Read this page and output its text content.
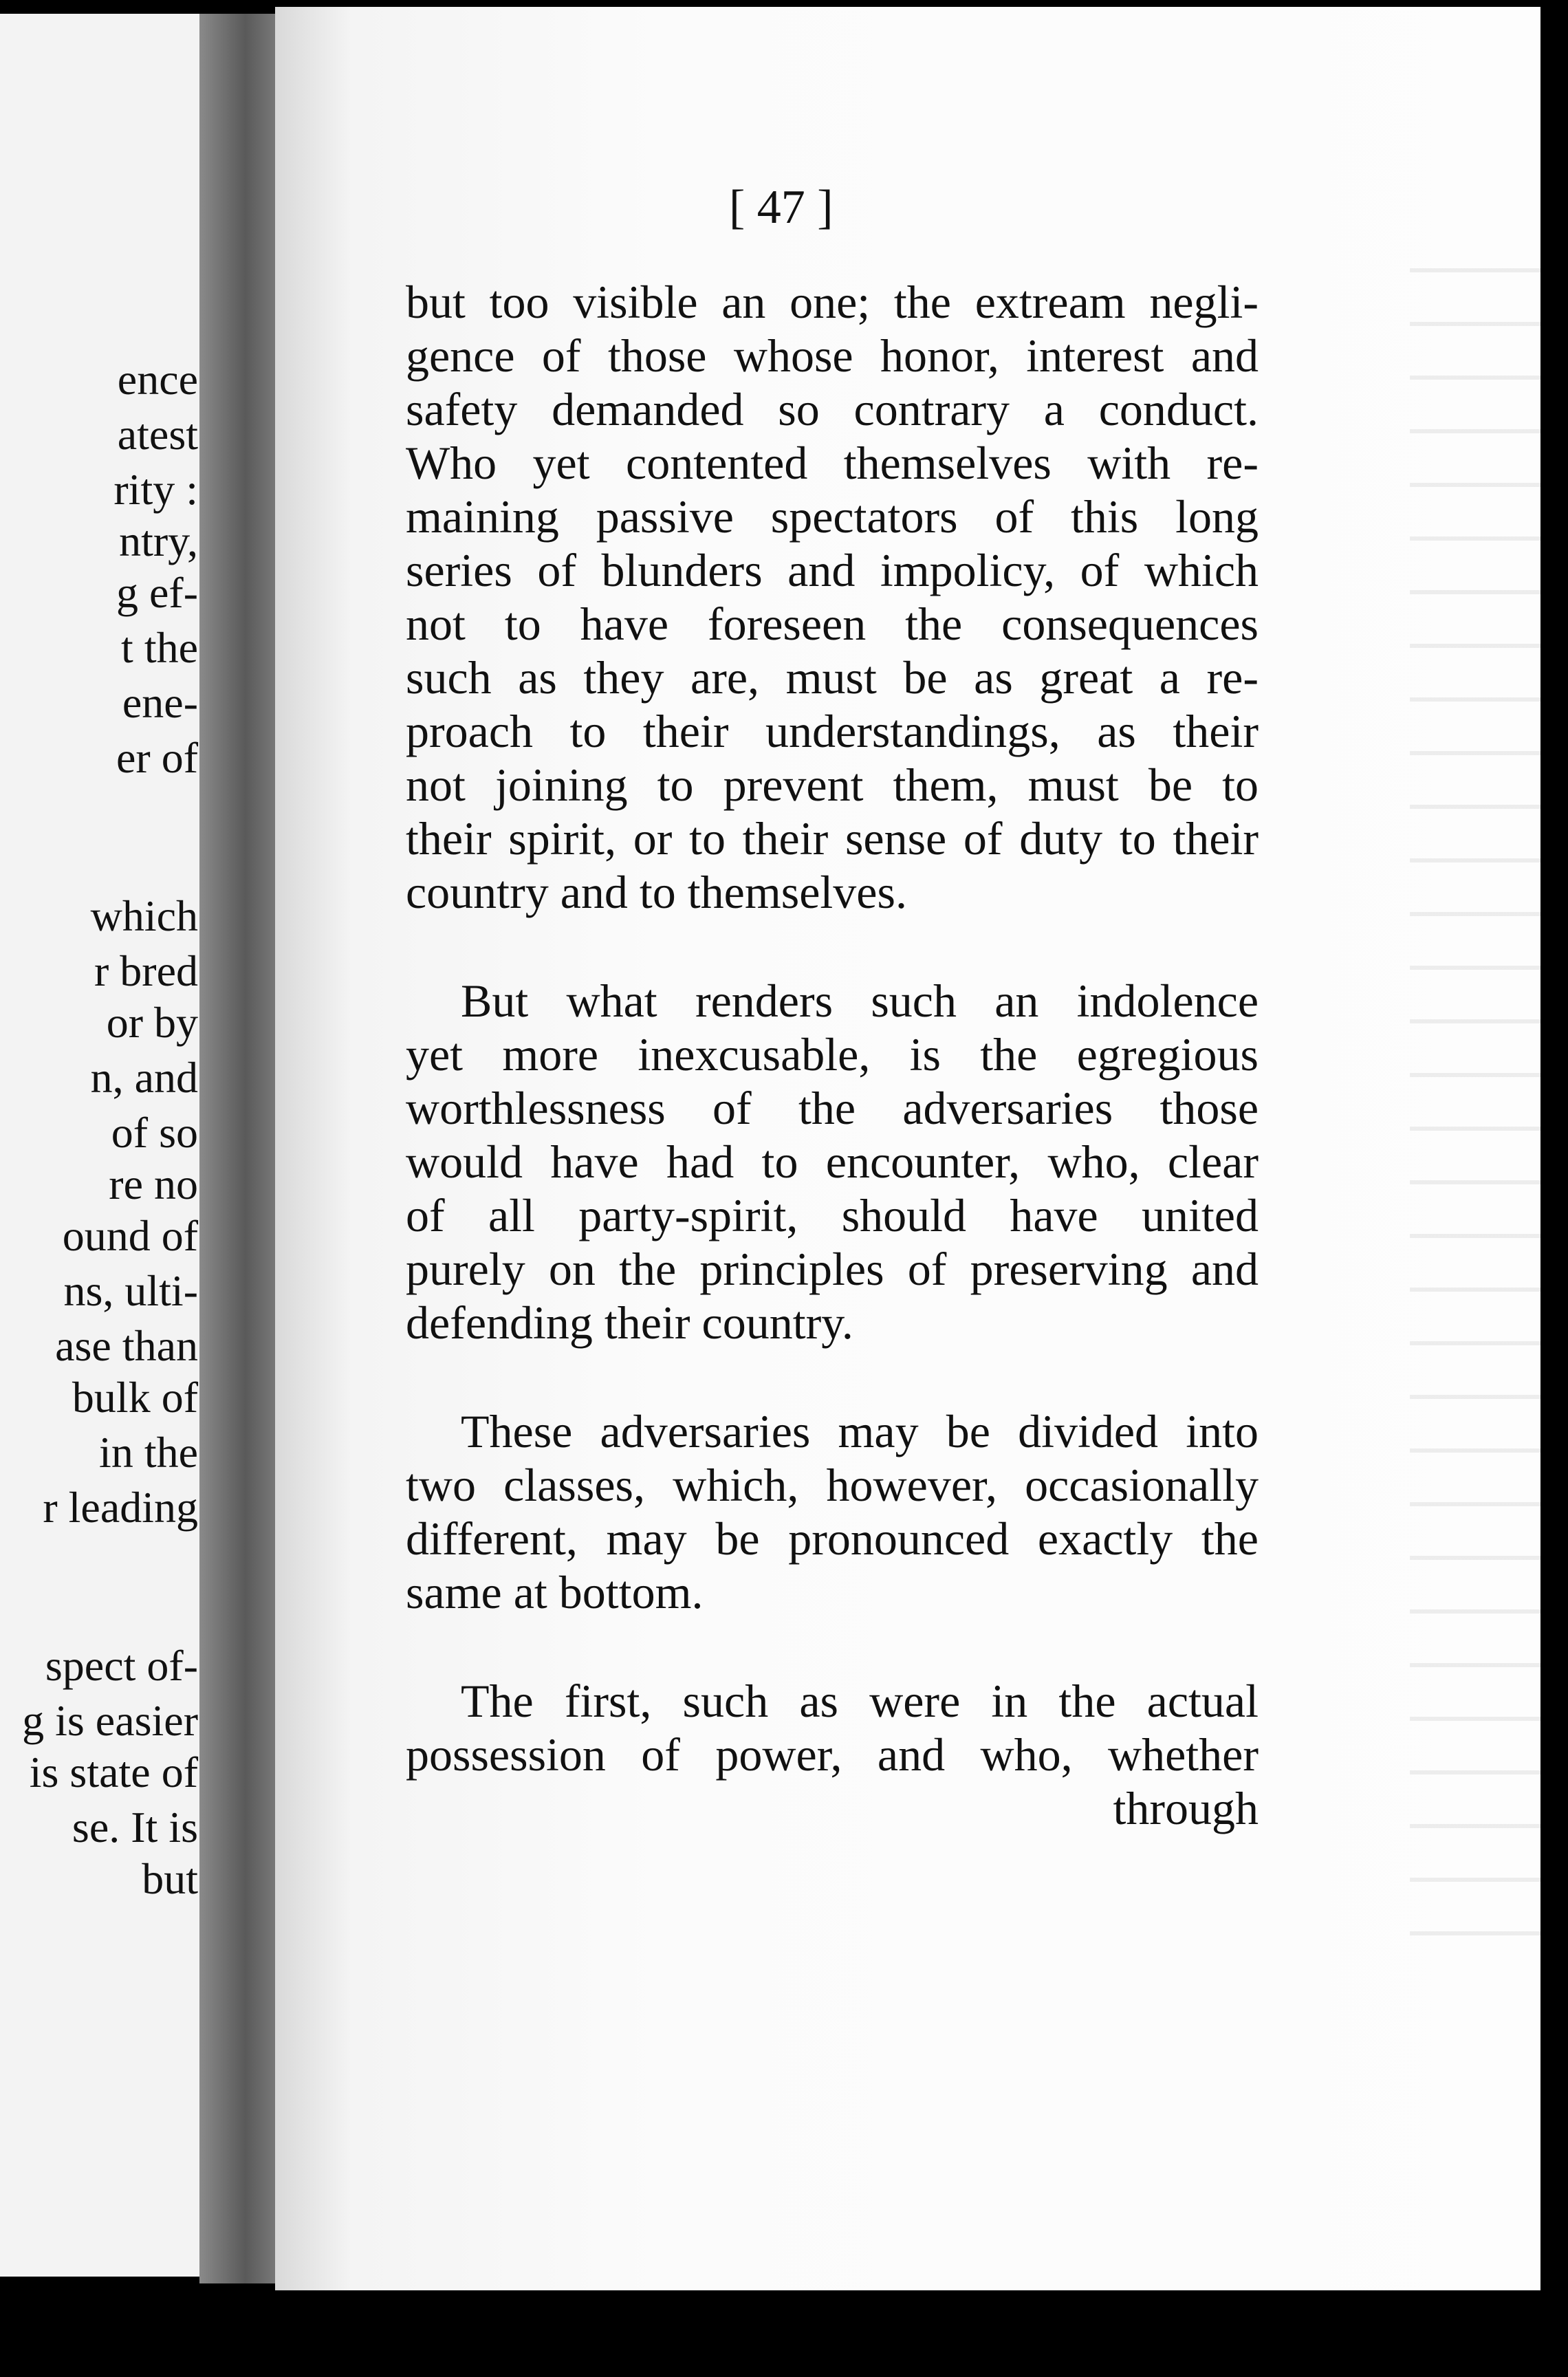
ence
atest
rity :
ntry,
g ef-
t the
ene-
er of
which
r bred
or by
n, and
of so
re no
ound of
ns, ulti-
ase than
bulk of
in the
r leading
spect of-
g is easier
is state of
se. It is
but
[ 47 ]
but too visible an one; the extream negli-
gence of those whose honor, interest and
safety demanded so contrary a conduct.
Who yet contented themselves with re-
maining passive spectators of this long
series of blunders and impolicy, of which
not to have foreseen the consequences
such as they are, must be as great a re-
proach to their understandings, as their
not joining to prevent them, must be to
their spirit, or to their sense of duty to their
country and to themselves.
But what renders such an indolence
yet more inexcusable, is the egregious
worthlessness of the adversaries those
would have had to encounter, who, clear
of all party-spirit, should have united
purely on the principles of preserving and
defending their country.
These adversaries may be divided into
two classes, which, however, occasionally
different, may be pronounced exactly the
same at bottom.
The first, such as were in the actual
possession of power, and who, whether
through
